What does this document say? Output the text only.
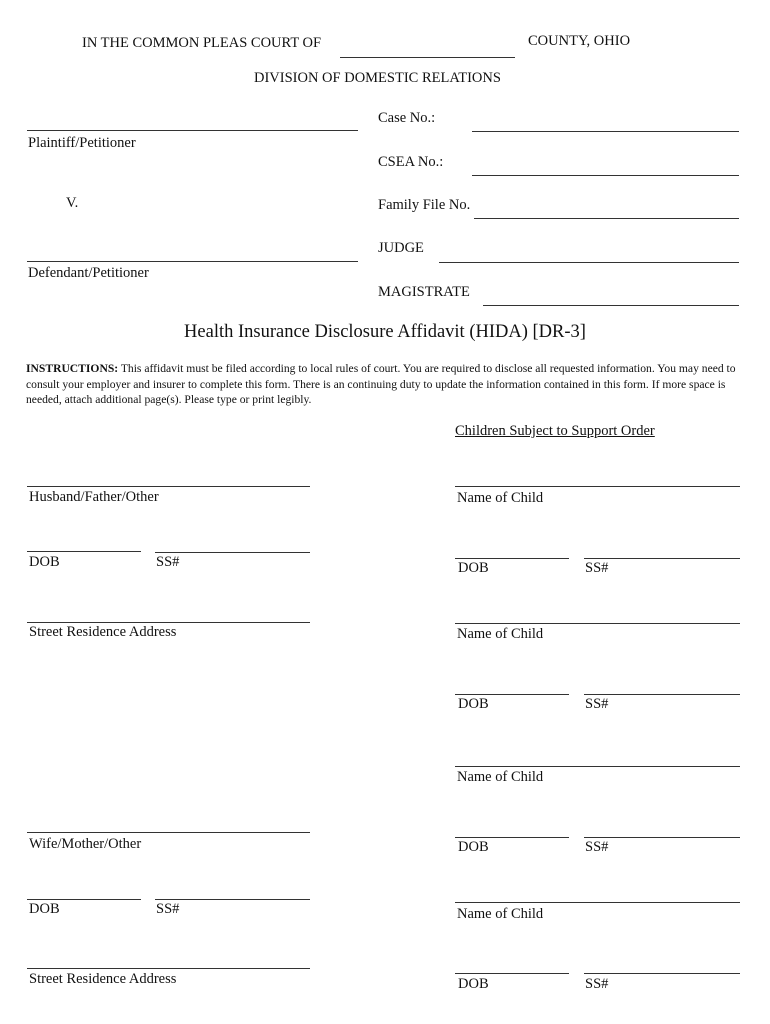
IN THE COMMON PLEAS COURT OF	COUNTY, OHIO
DIVISION OF DOMESTIC RELATIONS
Plaintiff/Petitioner
V.
Defendant/Petitioner
Case No.:
CSEA No.:
Family File No.
JUDGE
MAGISTRATE
Health Insurance Disclosure Affidavit (HIDA) [DR-3]
INSTRUCTIONS: This affidavit must be filed according to local rules of court. You are required to disclose all requested information. You may need to consult your employer and insurer to complete this form. There is an continuing duty to update the information contained in this form. If more space is needed, attach additional page(s). Please type or print legibly.
Children Subject to Support Order
Husband/Father/Other
DOB	SS#
Street Residence Address
Wife/Mother/Other
DOB	SS#
Street Residence Address
Name of Child
DOB	SS#
Name of Child
DOB	SS#
Name of Child
DOB	SS#
Name of Child
DOB	SS#
